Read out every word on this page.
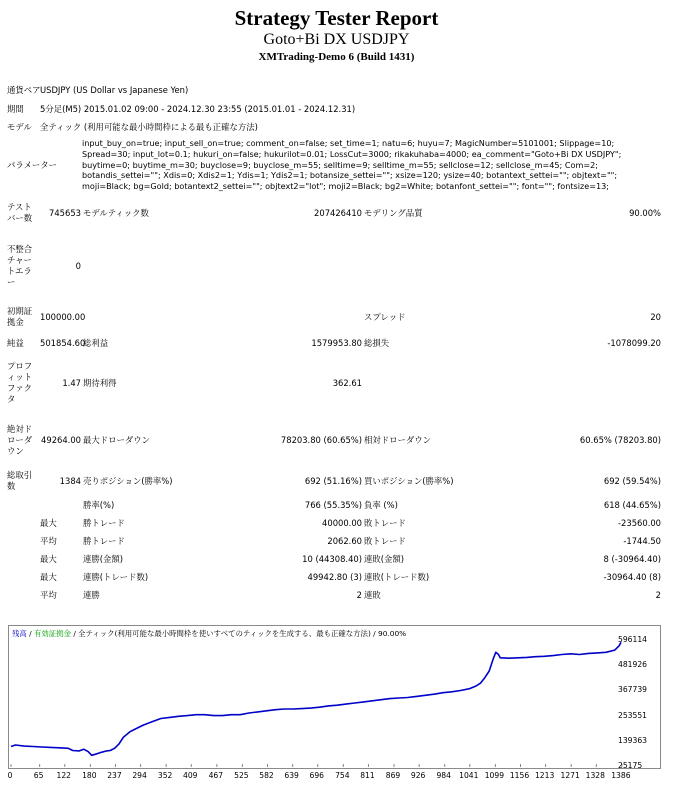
Strategy Tester Report
Goto+Bi DX USDJPY
XMTrading-Demo 6 (Build 1431)
通貨ペア	USDJPY (US Dollar vs Japanese Yen)				
期間	5分足(M5) 2015.01.02 09:00 - 2024.12.30 23:55 (2015.01.01 - 2024.12.31)				
モデル	全ティック (利用可能な最小時間枠による最も正確な方法)				
パラメーター		input_buy_on=true; input_sell_on=true; comment_on=false; set_time=1; natu=6; huyu=7; MagicNumber=5101001; Slippage=10; Spread=30; input_lot=0.1; hukuri_on=false; hukurilot=0.01; LossCut=3000; rikakuhaba=4000; ea_comment="Goto+Bi DX USDJPY"; buytime=0; buytime_m=30; buyclose=9; buyclose_m=55; selltime=9; selltime_m=55; sellclose=12; sellclose_m=45; Com=2; botandis_settei=""; Xdis=0; Xdis2=1; Ydis=1; Ydis2=1; botansize_settei=""; xsize=120; ysize=40; botantext_settei=""; objtext=""; moji=Black; bg=Gold; botantext2_settei=""; objtext2="lot"; moji2=Black; bg2=White; botanfont_settei=""; font=""; fontsize=13;			
テストバー数	745653	モデルティック数	207426410	モデリング品質	90.00%
不整合チャートエラー	0				
初期証拠金	100000.00			スプレッド	20
純益	501854.60	総利益	1579953.80	総損失	-1078099.20
プロフィットファクタ	1.47	期待利得	362.61		
絶対ドローダウン	49264.00	最大ドローダウン	78203.80 (60.65%)	相対ドローダウン	60.65% (78203.80)
総取引数	1384	売りポジション(勝率%)	692 (51.16%)	買いポジション(勝率%)	692 (59.54%)
		勝率(%)	766 (55.35%)	負率 (%)	618 (44.65%)
	最大	勝トレード	40000.00	敗トレード	-23560.00
	平均	勝トレード	2062.60	敗トレード	-1744.50
	最大	連勝(金額)	10 (44308.40)	連敗(金額)	8 (-30964.40)
	最大	連勝(トレード数)	49942.80 (3)	連敗(トレード数)	-30964.40 (8)
	平均	連勝	2	連敗	2
残高 / 有効証拠金 / 全ティック(利用可能な最小時間枠を使いすべてのティックを生成する、最も正確な方法) / 90.00%
596114
481926
367739
253551
139363
25175
0	65 122 180 237 294 352 409 467 525 582 639 696 754 811 869 926 984 1041 1099 1156 1213 1271 1328 1386
